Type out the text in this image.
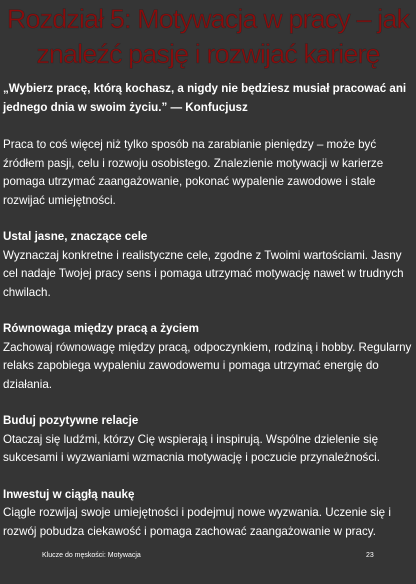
Rozdział 5: Motywacja w pracy – jak znaleźć pasję i rozwijać karierę

„Wybierz pracę, którą kochasz, a nigdy nie będziesz musiał pracować ani jednego dnia w swoim życiu.” — Konfucjusz

Praca to coś więcej niż tylko sposób na zarabianie pieniędzy – może być źródłem pasji, celu i rozwoju osobistego. Znalezienie motywacji w karierze pomaga utrzymać zaangażowanie, pokonać wypalenie zawodowe i stale rozwijać umiejętności.

Ustal jasne, znaczące cele

Wyznaczaj konkretne i realistyczne cele, zgodne z Twoimi wartościami. Jasny cel nadaje Twojej pracy sens i pomaga utrzymać motywację nawet w trudnych chwilach.

Równowaga między pracą a życiem

Zachowaj równowagę między pracą, odpoczynkiem, rodziną i hobby. Regularny relaks zapobiega wypaleniu zawodowemu i pomaga utrzymać energię do działania.

Buduj pozytywne relacje

Otaczaj się ludźmi, którzy Cię wspierają i inspirują. Wspólne dzielenie się sukcesami i wyzwaniami wzmacnia motywację i poczucie przynależności.

Inwestuj w ciągłą naukę

Ciągle rozwijaj swoje umiejętności i podejmuj nowe wyzwania. Uczenie się i rozwój pobudza ciekawość i pomaga zachować zaangażowanie w pracy.

Klucze do męskości: Motywacja	23
